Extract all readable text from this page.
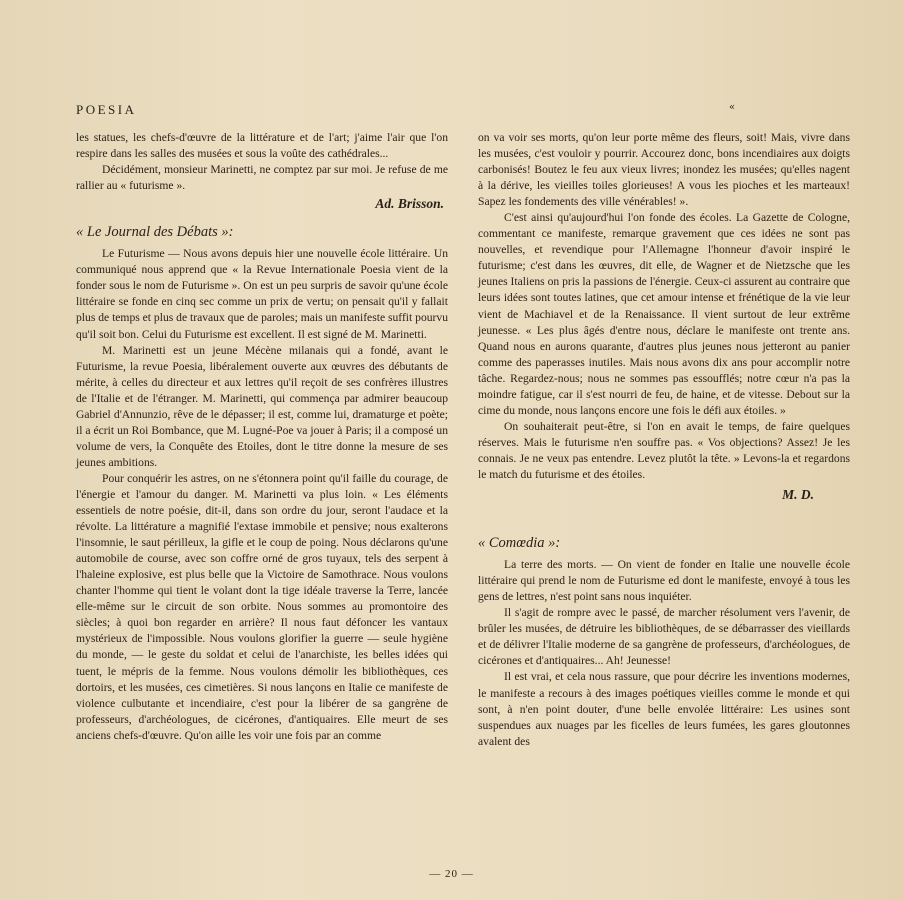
POESIA	«

les statues, les chefs-d'œuvre de la littérature et de l'art; j'aime l'air que l'on respire dans les salles des musées et sous la voûte des cathédrales...

Décidément, monsieur Marinetti, ne comptez par sur moi. Je refuse de me rallier au « futurisme ».

Ad. Brisson.
« Le Journal des Débats »:

Le Futurisme — Nous avons depuis hier une nouvelle école littéraire. Un communiqué nous apprend que « la Revue Internationale Poesia vient de la fonder sous le nom de Futurisme ». On est un peu surpris de savoir qu'une école littéraire se fonde en cinq sec comme un prix de vertu; on pensait qu'il y fallait plus de temps et plus de travaux que de paroles; mais un manifeste suffit pourvu qu'il soit bon. Celui du Futurisme est excellent. Il est signé de M. Marinetti.

M. Marinetti est un jeune Mécène milanais qui a fondé, avant le Futurisme, la revue Poesia, libéralement ouverte aux œuvres des débutants de mérite, à celles du directeur et aux lettres qu'il reçoit de ses confrères illustres de l'Italie et de l'étranger. M. Marinetti, qui commença par admirer beaucoup Gabriel d'Annunzio, rêve de le dépasser; il est, comme lui, dramaturge et poète; il a écrit un Roi Bombance, que M. Lugné-Poe va jouer à Paris; il a composé un volume de vers, la Conquête des Etoiles, dont le titre donne la mesure de ses jeunes ambitions.

Pour conquérir les astres, on ne s'étonnera point qu'il faille du courage, de l'énergie et l'amour du danger. M. Marinetti va plus loin. « Les éléments essentiels de notre poésie, dit-il, dans son ordre du jour, seront l'audace et la révolte. La littérature a magnifié l'extase immobile et pensive; nous exalterons l'insomnie, le saut périlleux, la gifle et le coup de poing. Nous déclarons qu'une automobile de course, avec son coffre orné de gros tuyaux, tels des serpent à l'haleine explosive, est plus belle que la Victoire de Samothrace. Nous voulons chanter l'homme qui tient le volant dont la tige idéale traverse la Terre, lancée elle-même sur le circuit de son orbite. Nous sommes au promontoire des siècles; à quoi bon regarder en arrière? Il nous faut défoncer les vantaux mystérieux de l'impossible. Nous voulons glorifier la guerre — seule hygiène du monde, — le geste du soldat et celui de l'anarchiste, les belles idées qui tuent, le mépris de la femme. Nous voulons démolir les bibliothèques, ces dortoirs, et les musées, ces cimetières. Si nous lançons en Italie ce manifeste de violence culbutante et incendiaire, c'est pour la libérer de sa gangrène de professeurs, d'archéologues, de cicérones, d'antiquaires. Elle meurt de ses anciens chefs-d'œuvre. Qu'on aille les voir une fois par an comme

on va voir ses morts, qu'on leur porte même des fleurs, soit! Mais, vivre dans les musées, c'est vouloir y pourrir. Accourez donc, bons incendiaires aux doigts carbonisés! Boutez le feu aux vieux livres; inondez les musées; qu'elles nagent à la dérive, les vieilles toiles glorieuses! A vous les pioches et les marteaux! Sapez les fondements des ville vénérables! ».

C'est ainsi qu'aujourd'hui l'on fonde des écoles. La Gazette de Cologne, commentant ce manifeste, remarque gravement que ces idées ne sont pas nouvelles, et revendique pour l'Allemagne l'honneur d'avoir inspiré le futurisme; c'est dans les œuvres, dit elle, de Wagner et de Nietzsche que les jeunes Italiens on pris la passions de l'énergie. Ceux-ci assurent au contraire que leurs idées sont toutes latines, que cet amour intense et frénétique de la vie leur vient de Machiavel et de la Renaissance. Il vient surtout de leur extrême jeunesse. « Les plus âgés d'entre nous, déclare le manifeste ont trente ans. Quand nous en aurons quarante, d'autres plus jeunes nous jetteront au panier comme des paperasses inutiles. Mais nous avons dix ans pour accomplir notre tâche. Regardez-nous; nous ne sommes pas essoufflés; notre cœur n'a pas la moindre fatigue, car il s'est nourri de feu, de haine, et de vitesse. Debout sur la cime du monde, nous lançons encore une fois le défi aux étoiles. »

On souhaiterait peut-être, si l'on en avait le temps, de faire quelques réserves. Mais le futurisme n'en souffre pas. « Vos objections? Assez! Je les connais. Je ne veux pas entendre. Levez plutôt la tête. » Levons-la et regardons le match du futurisme et des étoiles.

M. D.
« Comœdia »:

La terre des morts. — On vient de fonder en Italie une nouvelle école littéraire qui prend le nom de Futurisme ed dont le manifeste, envoyé à tous les gens de lettres, n'est point sans nous inquiéter.

Il s'agit de rompre avec le passé, de marcher résolument vers l'avenir, de brûler les musées, de détruire les bibliothèques, de se débarrasser des vieillards et de délivrer l'Italie moderne de sa gangrène de professeurs, d'archéologues, de cicérones et d'antiquaires... Ah! Jeunesse!

Il est vrai, et cela nous rassure, que pour décrire les inventions modernes, le manifeste a recours à des images poétiques vieilles comme le monde et qui sont, à n'en point douter, d'une belle envolée littéraire: Les usines sont suspendues aux nuages par les ficelles de leurs fumées, les gares gloutonnes avalent des

— 20 —
